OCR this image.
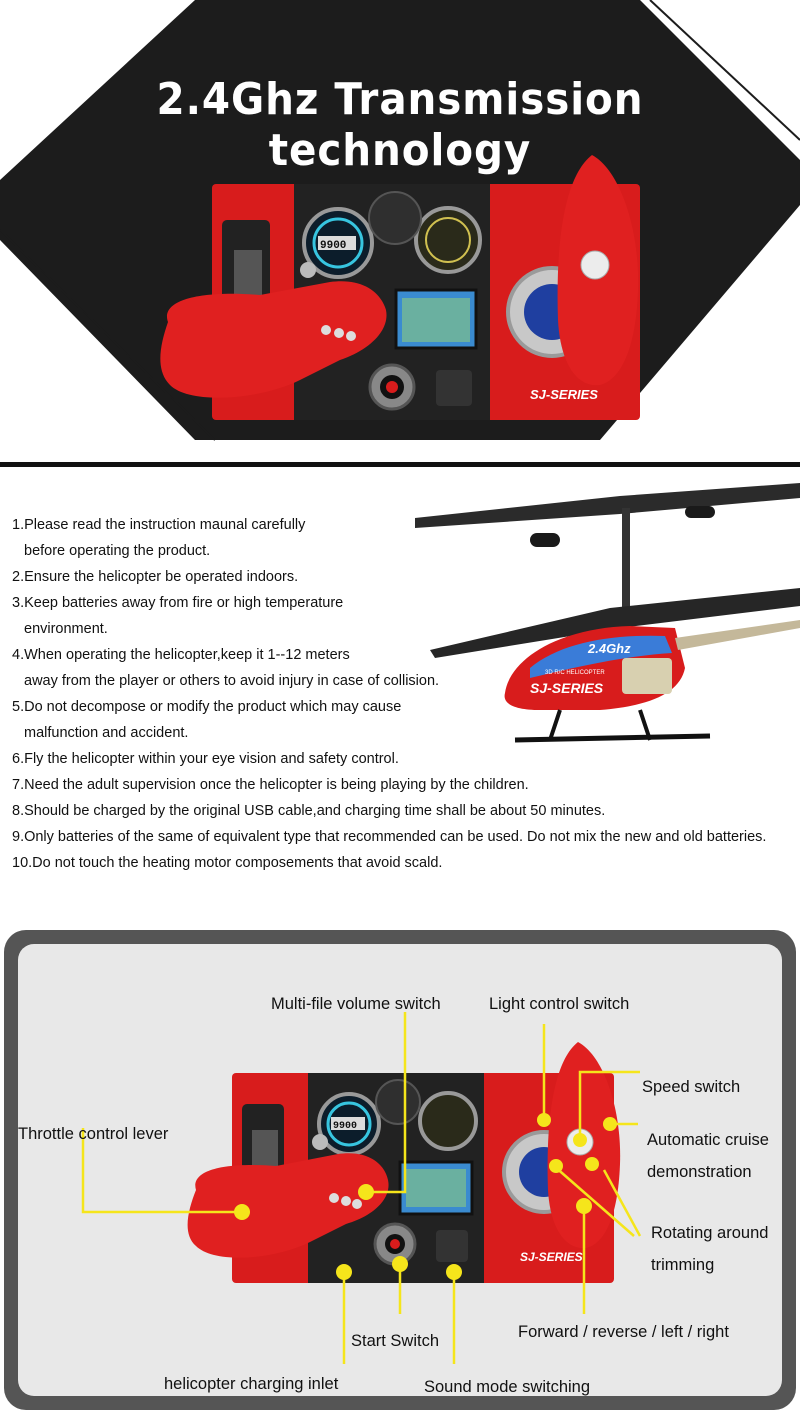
SJ-SERIES
9900
2.4Ghz Transmission technology
2.4Ghz
SJ-SERIES
3D R/C HELICOPTER
1.Please read the instruction maunal carefully
before operating the product.
2.Ensure the helicopter be operated indoors.
3.Keep batteries away from fire or high temperature
environment.
4.When operating the helicopter,keep it 1--12 meters
away from the player or others to avoid injury in case of collision.
5.Do not decompose or modify the product which may cause
malfunction and accident.
6.Fly the helicopter within your eye vision and safety control.
7.Need the adult supervision once the helicopter is being playing by the children.
8.Should be charged by the original USB cable,and charging time shall be about 50 minutes.
9.Only batteries of the same of equivalent type that recommended can be used. Do not mix the new and old batteries.
10.Do not touch the heating motor composements that avoid scald.
SJ-SERIES
9900
Multi-file volume switch	Light control switch
Speed switch
Automatic cruise
demonstration
Throttle control lever
Rotating around
trimming
Forward / reverse / left / right
Start Switch
helicopter charging inlet	Sound mode switching
